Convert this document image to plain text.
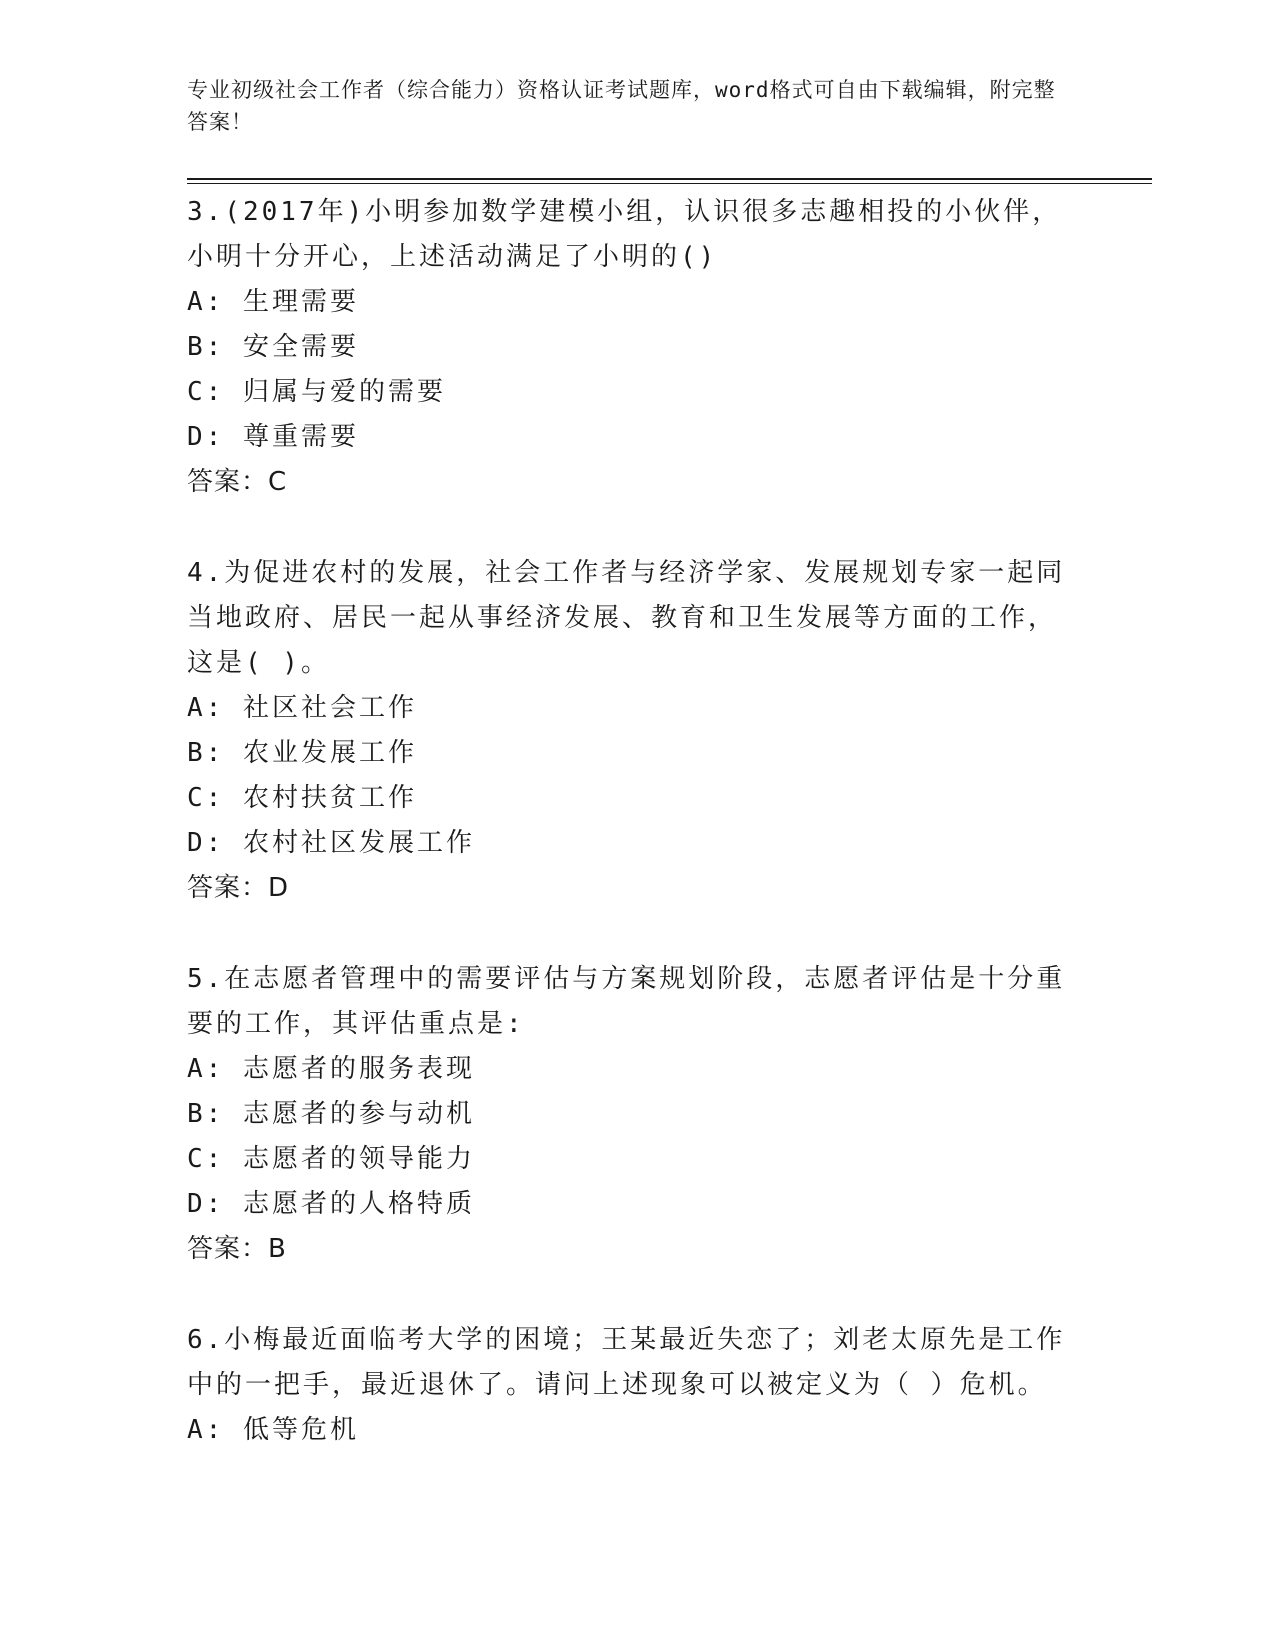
专业初级社会工作者（综合能力）资格认证考试题库，word格式可自由下载编辑，附完整答案！
3.(2017年)小明参加数学建模小组，认识很多志趣相投的小伙伴，小明十分开心，上述活动满足了小明的()
A: 生理需要
B: 安全需要
C: 归属与爱的需要
D: 尊重需要
答案：C
4.为促进农村的发展，社会工作者与经济学家、发展规划专家一起同当地政府、居民一起从事经济发展、教育和卫生发展等方面的工作，这是( )。
A: 社区社会工作
B: 农业发展工作
C: 农村扶贫工作
D: 农村社区发展工作
答案：D
5.在志愿者管理中的需要评估与方案规划阶段，志愿者评估是十分重要的工作，其评估重点是:
A: 志愿者的服务表现
B: 志愿者的参与动机
C: 志愿者的领导能力
D: 志愿者的人格特质
答案：B
6.小梅最近面临考大学的困境；王某最近失恋了；刘老太原先是工作中的一把手，最近退休了。请问上述现象可以被定义为（ ）危机。
A: 低等危机
